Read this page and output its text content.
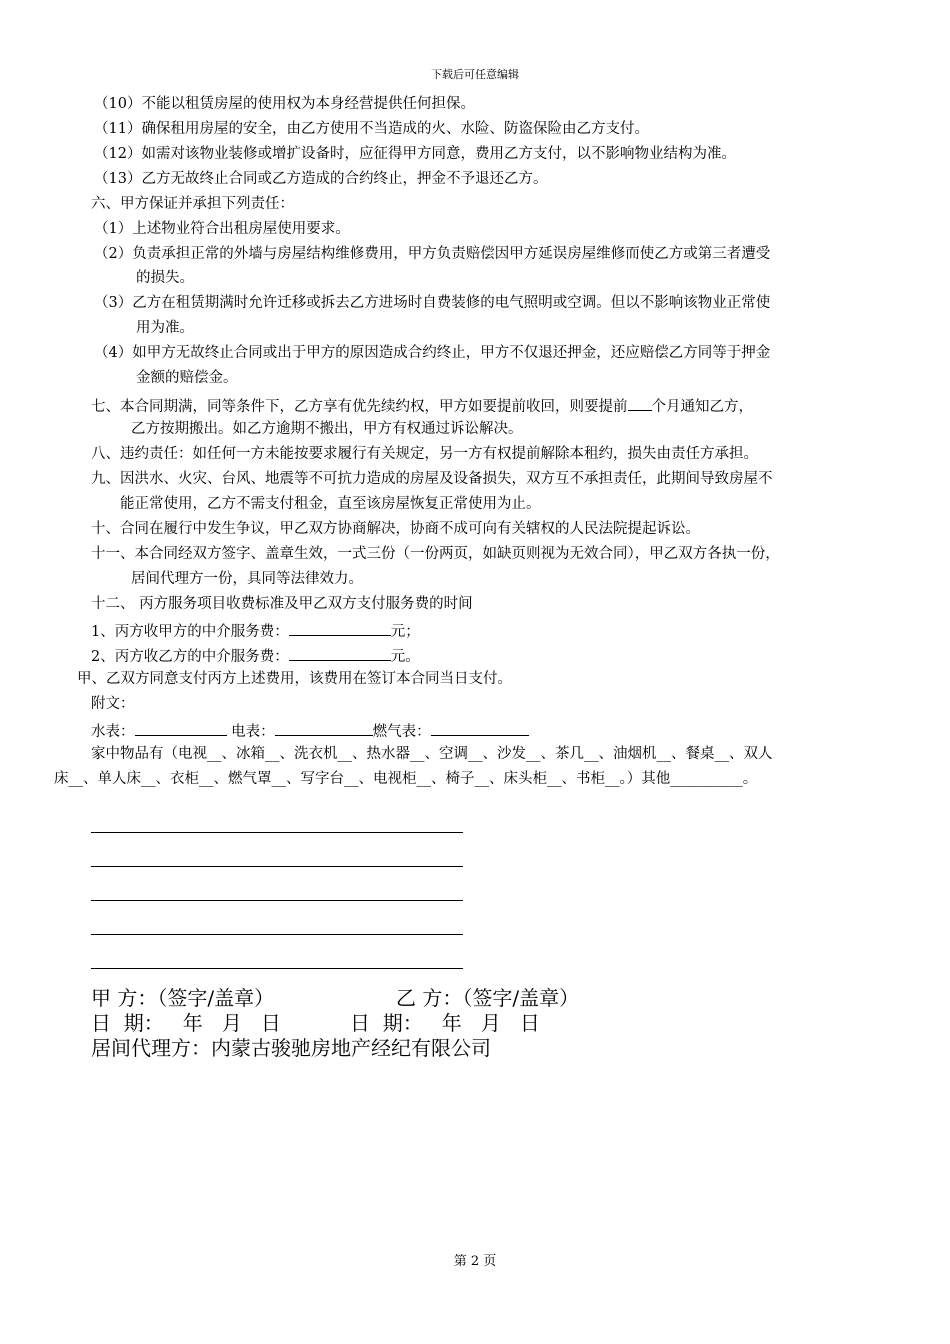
下载后可任意编辑
（10）不能以租赁房屋的使用权为本身经营提供任何担保。
（11）确保租用房屋的安全，由乙方使用不当造成的火、水险、防盗保险由乙方支付。
（12）如需对该物业装修或增扩设备时，应征得甲方同意，费用乙方支付，以不影响物业结构为准。
（13）乙方无故终止合同或乙方造成的合约终止，押金不予退还乙方。
六、甲方保证并承担下列责任：
（1）上述物业符合出租房屋使用要求。
（2）负责承担正常的外墙与房屋结构维修费用，甲方负责赔偿因甲方延误房屋维修而使乙方或第三者遭受
的损失。
（3）乙方在租赁期满时允许迁移或拆去乙方进场时自费装修的电气照明或空调。但以不影响该物业正常使
用为准。
（4）如甲方无故终止合同或出于甲方的原因造成合约终止，甲方不仅退还押金，还应赔偿乙方同等于押金
金额的赔偿金。
七、本合同期满，同等条件下，乙方享有优先续约权，甲方如要提前收回，则要提前 个月通知乙方，
乙方按期搬出。如乙方逾期不搬出，甲方有权通过诉讼解决。
八、违约责任：如任何一方未能按要求履行有关规定，另一方有权提前解除本租约，损失由责任方承担。
九、因洪水、火灾、台风、地震等不可抗力造成的房屋及设备损失，双方互不承担责任，此期间导致房屋不
能正常使用，乙方不需支付租金，直至该房屋恢复正常使用为止。
十、合同在履行中发生争议，甲乙双方协商解决，协商不成可向有关辖权的人民法院提起诉讼。
十一、本合同经双方签字、盖章生效，一式三份（一份两页，如缺页则视为无效合同），甲乙双方各执一份，
居间代理方一份，具同等法律效力。
十二、 丙方服务项目收费标准及甲乙双方支付服务费的时间
1、丙方收甲方的中介服务费：	元；
2、丙方收乙方的中介服务费：	元。
甲、乙双方同意支付丙方上述费用，该费用在签订本合同当日支付。
附文：
水表：	电表：	燃气表：
家中物品有（电视__、冰箱__、洗衣机__、热水器__、空调__、沙发__、茶几__、油烟机__、餐桌__、双人
床__、单人床__、衣柜__、燃气罩__、写字台__、电视柜__、椅子__、床头柜__、书柜__。）其他__________。
甲 方：（签字/盖章）	乙 方：（签字/盖章）
日  期：   年   月   日	日  期：   年   月   日
居间代理方：内蒙古骏驰房地产经纪有限公司
第 2 页
